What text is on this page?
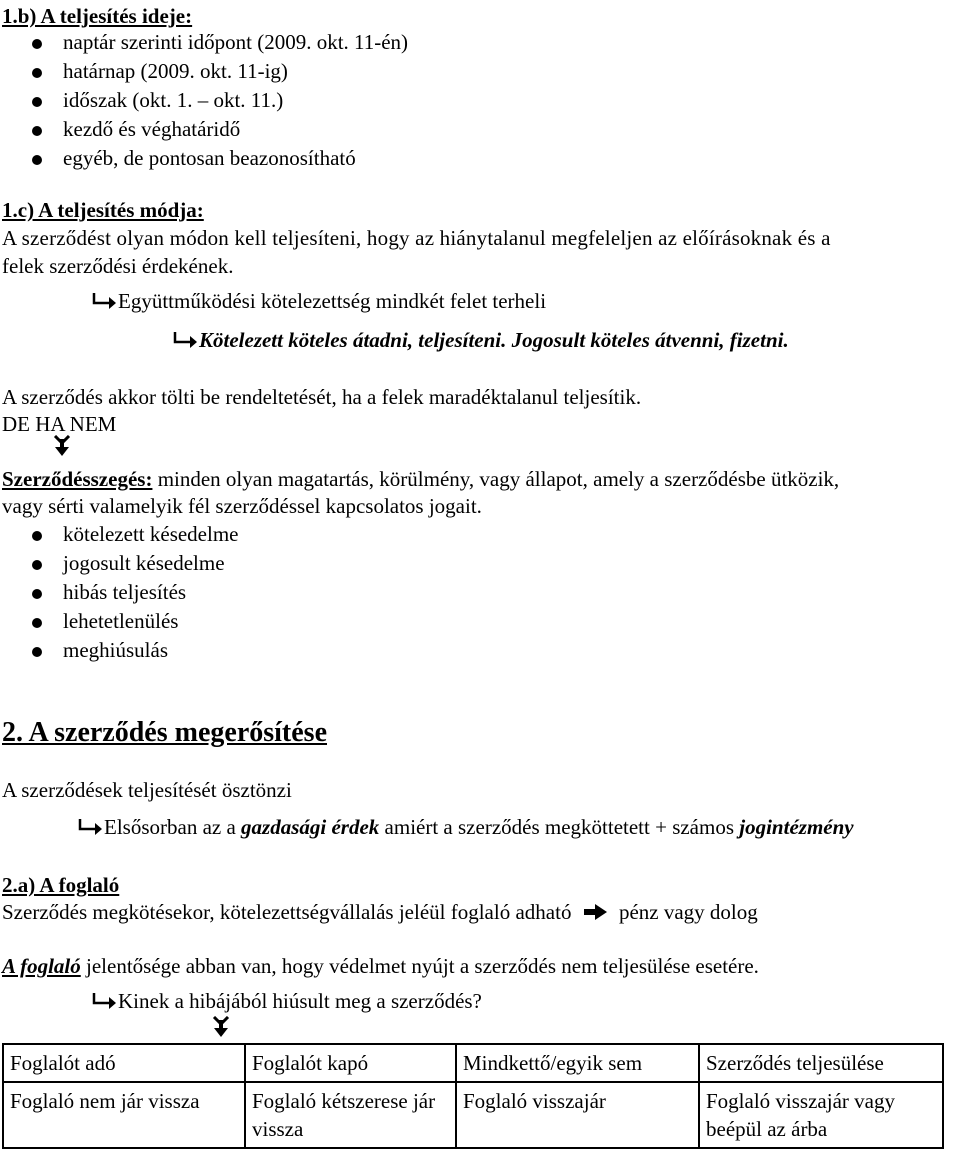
1.b) A teljesítés ideje:
naptár szerinti időpont (2009. okt. 11-én)
határnap (2009. okt. 11-ig)
időszak (okt. 1. – okt. 11.)
kezdő és véghatáridő
egyéb, de pontosan beazonosítható
1.c) A teljesítés módja:
A szerződést olyan módon kell teljesíteni, hogy az hiánytalanul megfeleljen az előírásoknak és a
felek szerződési érdekének.
Együttműködési kötelezettség mindkét felet terheli
Kötelezett köteles átadni, teljesíteni. Jogosult köteles átvenni, fizetni.
A szerződés akkor tölti be rendeltetését, ha a felek maradéktalanul teljesítik.
DE HA NEM
Szerződésszegés: minden olyan magatartás, körülmény, vagy állapot, amely a szerződésbe ütközik,
vagy sérti valamelyik fél szerződéssel kapcsolatos jogait.
kötelezett késedelme
jogosult késedelme
hibás teljesítés
lehetetlenülés
meghiúsulás
2. A szerződés megerősítése
A szerződések teljesítését ösztönzi
Elsősorban az a gazdasági érdek amiért a szerződés megköttetett + számos jogintézmény
2.a) A foglaló
Szerződés megkötésekor, kötelezettségvállalás jeléül foglaló adható pénz vagy dolog
A foglaló jelentősége abban van, hogy védelmet nyújt a szerződés nem teljesülése esetére.
Kinek a hibájából hiúsult meg a szerződés?
Foglalót adó	Foglalót kapó	Mindkettő/egyik sem	Szerződés teljesülése
Foglaló nem jár vissza	Foglaló kétszerese jár vissza	Foglaló visszajár	Foglaló visszajár vagy beépül az árba
